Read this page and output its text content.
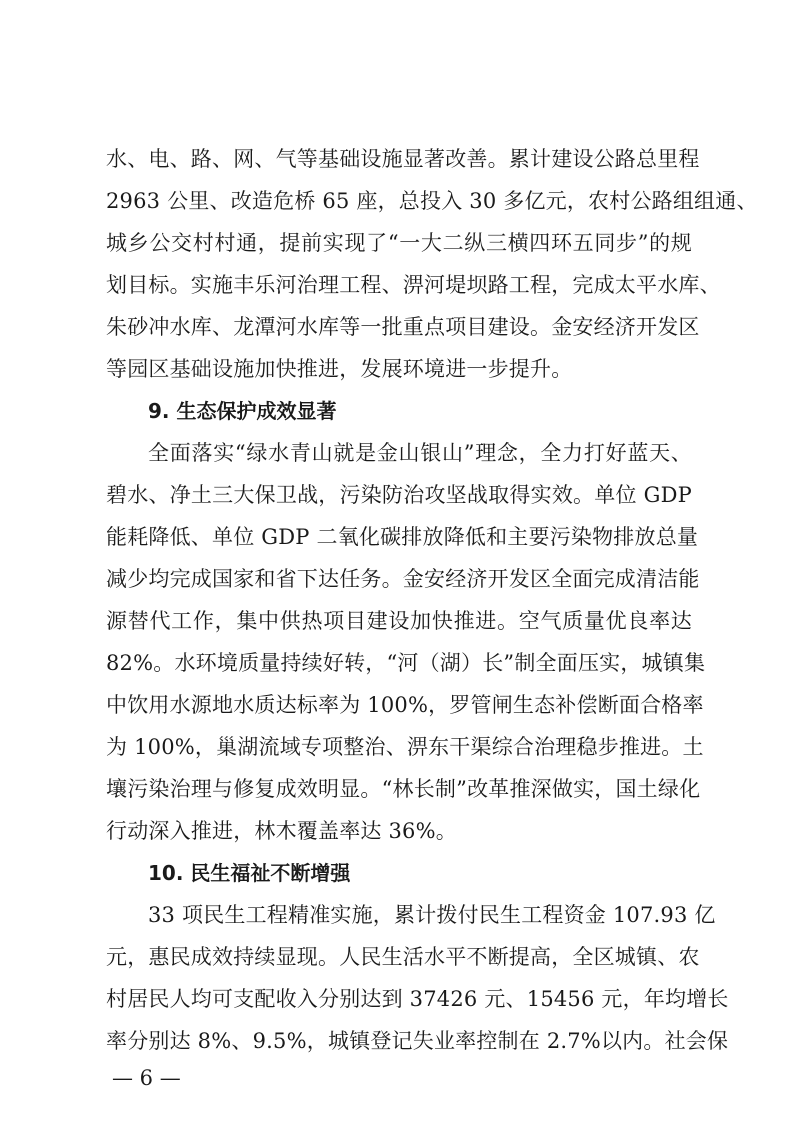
水、电、路、网、气等基础设施显著改善。累计建设公路总里程
2963 公里、改造危桥 65 座，总投入 30 多亿元，农村公路组组通、
城乡公交村村通，提前实现了“一大二纵三横四环五同步”的规
划目标。实施丰乐河治理工程、淠河堤坝路工程，完成太平水库、
朱砂冲水库、龙潭河水库等一批重点项目建设。金安经济开发区
等园区基础设施加快推进，发展环境进一步提升。
9. 生态保护成效显著
全面落实“绿水青山就是金山银山”理念，全力打好蓝天、
碧水、净土三大保卫战，污染防治攻坚战取得实效。单位 GDP
能耗降低、单位 GDP 二氧化碳排放降低和主要污染物排放总量
减少均完成国家和省下达任务。金安经济开发区全面完成清洁能
源替代工作，集中供热项目建设加快推进。空气质量优良率达
82%。水环境质量持续好转，“河（湖）长”制全面压实，城镇集
中饮用水源地水质达标率为 100%，罗管闸生态补偿断面合格率
为 100%，巢湖流域专项整治、淠东干渠综合治理稳步推进。土
壤污染治理与修复成效明显。“林长制”改革推深做实，国土绿化
行动深入推进，林木覆盖率达 36%。
10. 民生福祉不断增强
33 项民生工程精准实施，累计拨付民生工程资金 107.93 亿
元，惠民成效持续显现。人民生活水平不断提高，全区城镇、农
村居民人均可支配收入分别达到 37426 元、15456 元，年均增长
率分别达 8%、9.5%，城镇登记失业率控制在 2.7%以内。社会保
— 6 —
